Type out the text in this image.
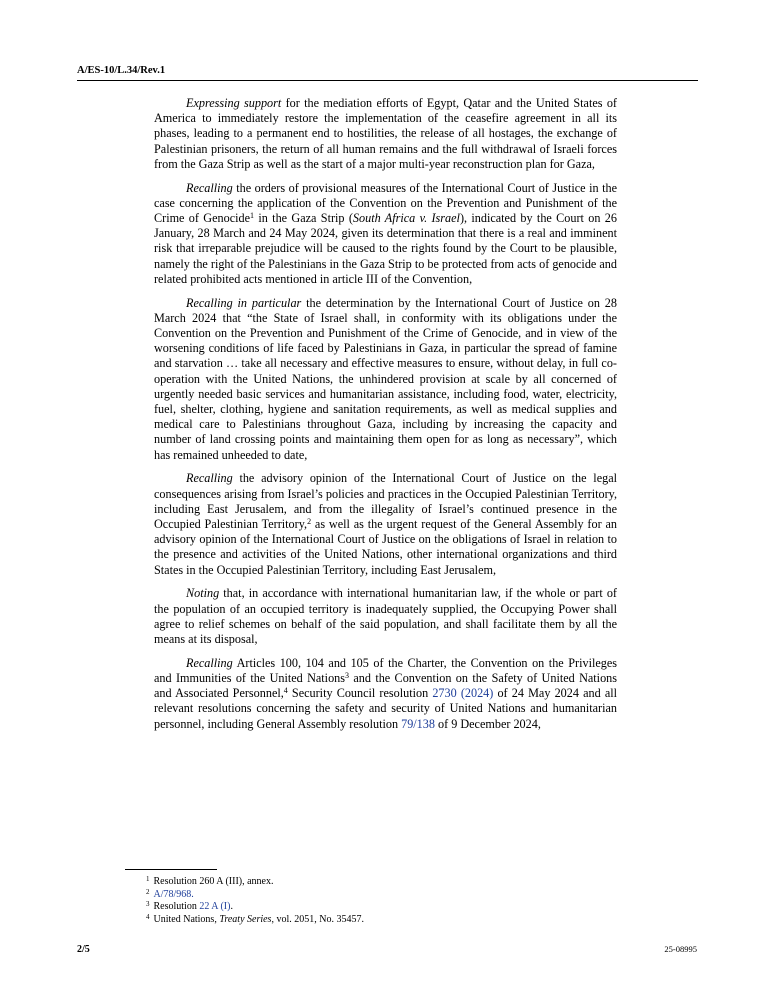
A/ES-10/L.34/Rev.1

Expressing support for the mediation efforts of Egypt, Qatar and the United States of America to immediately restore the implementation of the ceasefire agreement in all its phases, leading to a permanent end to hostilities, the release of all hostages, the exchange of Palestinian prisoners, the return of all human remains and the full withdrawal of Israeli forces from the Gaza Strip as well as the start of a major multi-year reconstruction plan for Gaza,

Recalling the orders of provisional measures of the International Court of Justice in the case concerning the application of the Convention on the Prevention and Punishment of the Crime of Genocide$^1$ in the Gaza Strip (South Africa v. Israel), indicated by the Court on 26 January, 28 March and 24 May 2024, given its determination that there is a real and imminent risk that irreparable prejudice will be caused to the rights found by the Court to be plausible, namely the right of the Palestinians in the Gaza Strip to be protected from acts of genocide and related prohibited acts mentioned in article III of the Convention,

Recalling in particular the determination by the International Court of Justice on 28 March 2024 that “the State of Israel shall, in conformity with its obligations under the Convention on the Prevention and Punishment of the Crime of Genocide, and in view of the worsening conditions of life faced by Palestinians in Gaza, in particular the spread of famine and starvation … take all necessary and effective measures to ensure, without delay, in full co-operation with the United Nations, the unhindered provision at scale by all concerned of urgently needed basic services and humanitarian assistance, including food, water, electricity, fuel, shelter, clothing, hygiene and sanitation requirements, as well as medical supplies and medical care to Palestinians throughout Gaza, including by increasing the capacity and number of land crossing points and maintaining them open for as long as necessary”, which has remained unheeded to date,

Recalling the advisory opinion of the International Court of Justice on the legal consequences arising from Israel’s policies and practices in the Occupied Palestinian Territory, including East Jerusalem, and from the illegality of Israel’s continued presence in the Occupied Palestinian Territory,$^2$ as well as the urgent request of the General Assembly for an advisory opinion of the International Court of Justice on the obligations of Israel in relation to the presence and activities of the United Nations, other international organizations and third States in the Occupied Palestinian Territory, including East Jerusalem,

Noting that, in accordance with international humanitarian law, if the whole or part of the population of an occupied territory is inadequately supplied, the Occupying Power shall agree to relief schemes on behalf of the said population, and shall facilitate them by all the means at its disposal,

Recalling Articles 100, 104 and 105 of the Charter, the Convention on the Privileges and Immunities of the United Nations$^3$ and the Convention on the Safety of United Nations and Associated Personnel,$^4$ Security Council resolution 2730 (2024) of 24 May 2024 and all relevant resolutions concerning the safety and security of United Nations and humanitarian personnel, including General Assembly resolution 79/138 of 9 December 2024,

$^1$ Resolution 260 A (III), annex.
$^2$ A/78/968.
$^3$ Resolution 22 A (I).
$^4$ United Nations, Treaty Series, vol. 2051, No. 35457.
2/5	25-08995
